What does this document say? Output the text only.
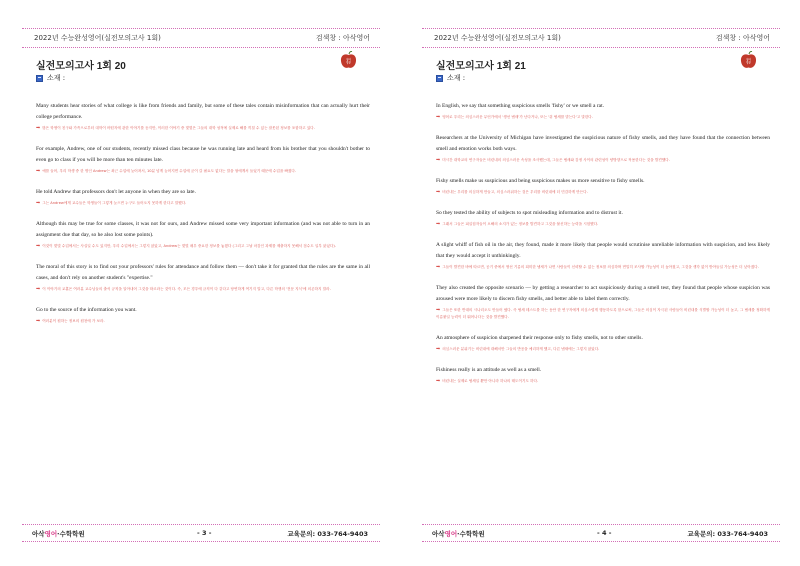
2022년 수능완성영어(실전모의고사 1회)	검색창 : 아삭영어
영어
명문
실전모의고사 1회 20
소재 :

Many students hear stories of what college is like from friends and family, but some of these tales contain misinformation that can actually hurt their college performance.

➡ 많은 학생이 친구와 가족으로부터 대학이 어떤지에 관한 이야기를 듣지만, 이러한 이야기 중 몇몇은 그들의 대학 성적에 실제로 해를 끼칠 수 있는 잘못된 정보를 포함하고 있다.

For example, Andrew, one of our students, recently missed class because he was running late and heard from his brother that you shouldn't bother to even go to class if you will be more than ten minutes late.

➡ 예를 들어, 우리 학생 중 한 명인 Andrew는 최근 수업에 늦어져서, 10분 넘게 늦어지면 수업에 굳이 갈 필요도 없다는 말을 형에게서 들었기 때문에 수업을 빠졌다.

He told Andrew that professors don't let anyone in when they are so late.

➡ 그는 Andrew에게 교수들은 학생들이 그렇게 늦으면 누구도 들어오지 못하게 한다고 말했다.

Although this may be true for some classes, it was not for ours, and Andrew missed some very important information (and was not able to turn in an assignment due that day, so he also lost some points).

➡ 이것이 몇몇 수업에서는 사실일 수도 있지만, 우리 수업에서는 그렇지 않았고, Andrew는 몇몇 매우 중요한 정보를 놓쳤다 (그리고 그날 마감인 과제를 제출하지 못해서 점수도 일부 잃었다).

The moral of this story is to find out your professors' rules for attendance and follow them — don't take it for granted that the rules are the same in all cases, and don't rely on another student's "expertise."

➡ 이 이야기의 교훈은 여러분 교수님들의 출석 규칙을 알아내어 그것을 따르라는 것이다. 즉, 모든 경우에 규칙이 다 같다고 당연하게 여기지 말고, 다른 학생의 '전문 지식'에 의존하지 말라.

Go to the source of the information you want.

➡ 여러분이 원하는 정보의 원천에 가 보라.

아삭영어∙수학학원	- 3 -	교육문의: 033-764-9403
2022년 수능완성영어(실전모의고사 1회)	검색창 : 아삭영어
영어
명문
실전모의고사 1회 21
소재 :

In English, we say that something suspicious smells 'fishy' or we smell a rat.

➡ 영어로 우리는 의심스러운 무언가에서 '생선 냄새'가 난다거나, 또는 '쥐 냄새를 맡는다'고 말한다.

Researchers at the University of Michigan have investigated the suspicious nature of fishy smells, and they have found that the connection between smell and emotion works both ways.

➡ 미시간 대학교의 연구자들은 비린내의 의심스러운 속성을 조사했는데, 그들은 냄새와 감정 사이의 관련성이 양방향으로 작용한다는 것을 발견했다.

Fishy smells make us suspicious and being suspicious makes us more sensitive to fishy smells.

➡ 비린내는 우리를 의심하게 만들고, 의심스러워하는 것은 우리를 비린내에 더 민감하게 만든다.

So they tested the ability of subjects to spot misleading information and to distrust it.

➡ 그래서 그들은 피실험자들이 오해의 소지가 있는 정보를 발견하고 그것을 불신하는 능력을 시험했다.

A slight whiff of fish oil in the air, they found, made it more likely that people would scrutinise unreliable information with suspicion, and less likely that they would accept it unthinkingly.

➡ 그들이 발견한 바에 따르면, 공기 중에서 생선 기름의 희미한 냄새가 나면 사람들이 신뢰할 수 없는 정보를 의심하며 면밀히 조사할 가능성이 더 높아졌고, 그것을 생각 없이 받아들일 가능성은 더 낮아졌다.

They also created the opposite scenario — by getting a researcher to act suspiciously during a smell test, they found that people whose suspicion was aroused were more likely to discern fishy smells, and better able to label them correctly.

➡ 그들은 또한 반대의 시나리오도 만들어 냈다. 즉 냄새 테스트를 하는 동안 한 연구자에게 의심스럽게 행동하도록 함으로써, 그들은 의심이 자극된 사람들이 비린내를 식별할 가능성이 더 높고, 그 냄새를 정확하게 이름붙일 능력이 더 뛰어나다는 것을 발견했다.

An atmosphere of suspicion sharpened their response only to fishy smells, not to other smells.

➡ 의심스러운 분위기는 비린내에 대해서만 그들의 반응을 예리하게 했고, 다른 냄새에는 그렇지 않았다.

Fishiness really is an attitude as well as a smell.

➡ 비린내는 실제로 냄새일 뿐만 아니라 하나의 태도이기도 하다.

아삭영어∙수학학원	- 4 -	교육문의: 033-764-9403
